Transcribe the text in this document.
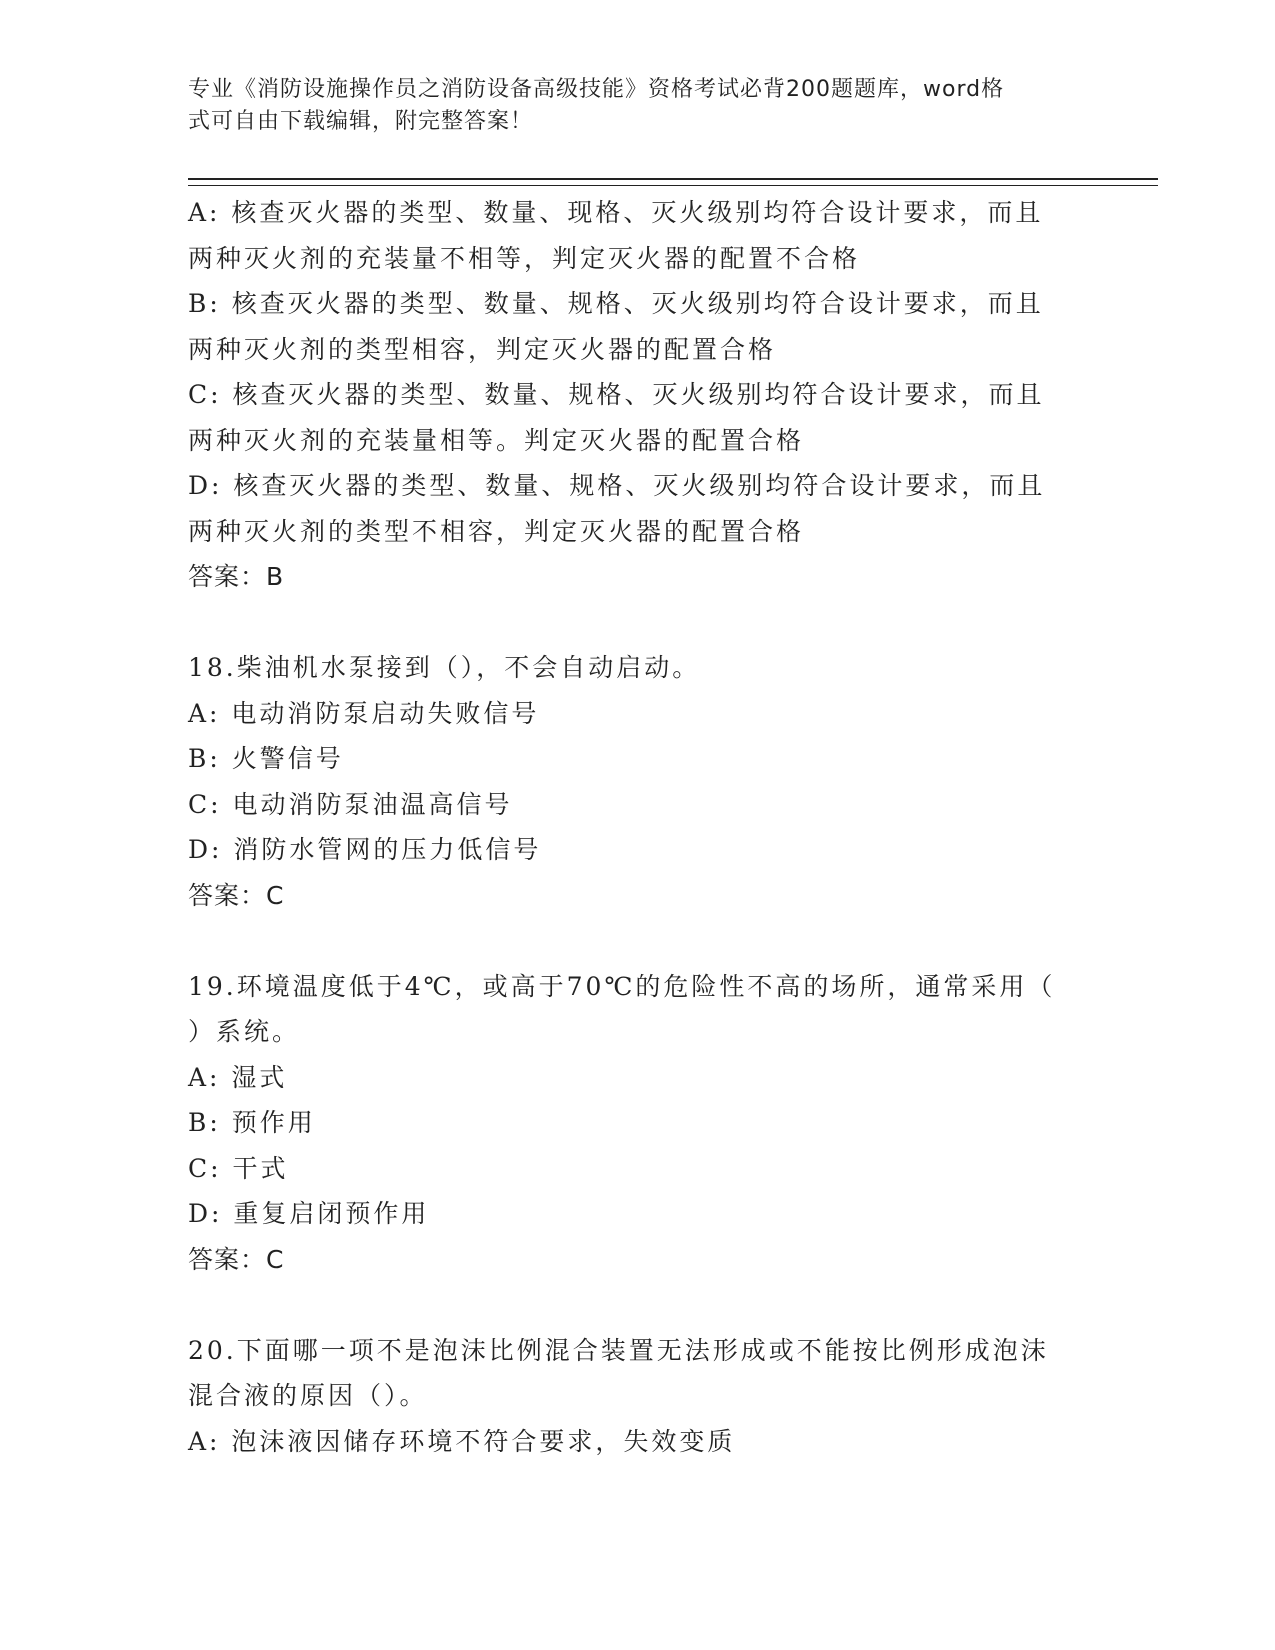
专业《消防设施操作员之消防设备高级技能》资格考试必背200题题库，word格
式可自由下载编辑，附完整答案！
A: 核查灭火器的类型、数量、现格、灭火级别均符合设计要求，而且
两种灭火剂的充装量不相等，判定灭火器的配置不合格
B: 核查灭火器的类型、数量、规格、灭火级别均符合设计要求，而且
两种灭火剂的类型相容，判定灭火器的配置合格
C: 核查灭火器的类型、数量、规格、灭火级别均符合设计要求，而且
两种灭火剂的充装量相等。判定灭火器的配置合格
D: 核查灭火器的类型、数量、规格、灭火级别均符合设计要求，而且
两种灭火剂的类型不相容，判定灭火器的配置合格
答案：B
18.柴油机水泵接到（），不会自动启动。
A: 电动消防泵启动失败信号
B: 火警信号
C: 电动消防泵油温高信号
D: 消防水管网的压力低信号
答案：C
19.环境温度低于4℃，或高于70℃的危险性不高的场所，通常采用（
）系统。
A: 湿式
B: 预作用
C: 干式
D: 重复启闭预作用
答案：C
20.下面哪一项不是泡沫比例混合装置无法形成或不能按比例形成泡沫
混合液的原因（）。
A: 泡沫液因储存环境不符合要求，失效变质
